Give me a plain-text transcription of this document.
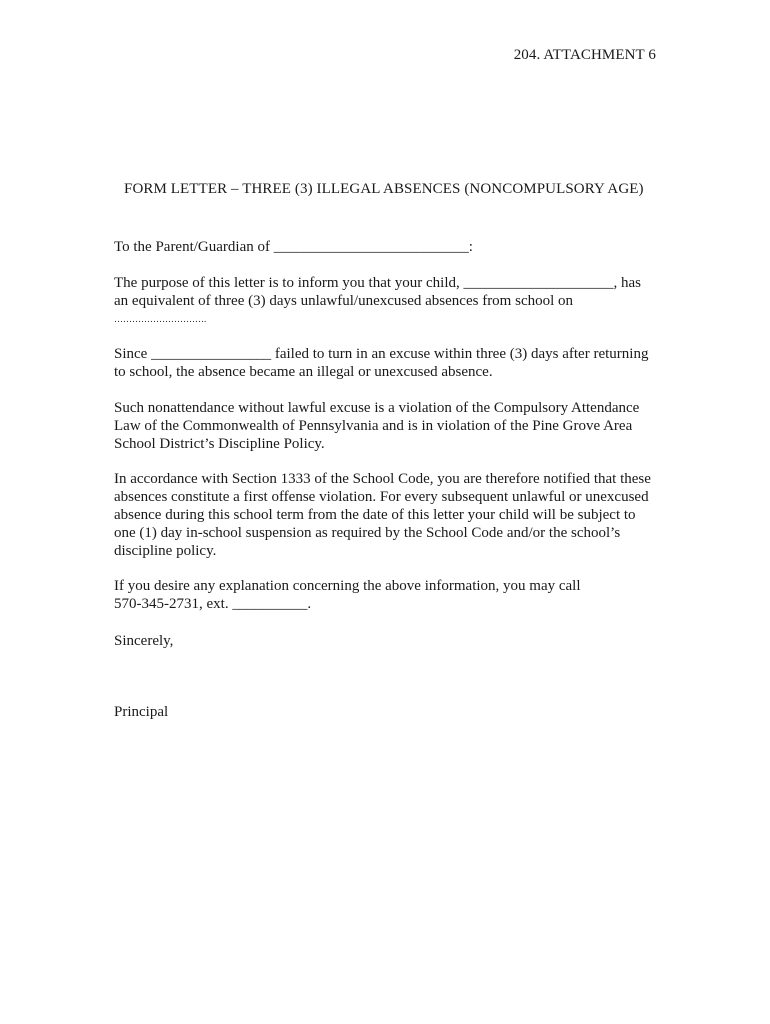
204. ATTACHMENT 6
FORM LETTER – THREE (3) ILLEGAL ABSENCES (NONCOMPULSORY AGE)

To the Parent/Guardian of __________________________:

The purpose of this letter is to inform you that your child, ____________________, has

an equivalent of three (3) days unlawful/unexcused absences from school on

………………………….

Since ________________ failed to turn in an excuse within three (3) days after returning

to school, the absence became an illegal or unexcused absence.

Such nonattendance without lawful excuse is a violation of the Compulsory Attendance

Law of the Commonwealth of Pennsylvania and is in violation of the Pine Grove Area

School District’s Discipline Policy.

In accordance with Section 1333 of the School Code, you are therefore notified that these

absences constitute a first offense violation. For every subsequent unlawful or unexcused

absence during this school term from the date of this letter your child will be subject to

one (1) day in-school suspension as required by the School Code and/or the school’s

discipline policy.

If you desire any explanation concerning the above information, you may call

570-345-2731, ext. __________.

Sincerely,

Principal
